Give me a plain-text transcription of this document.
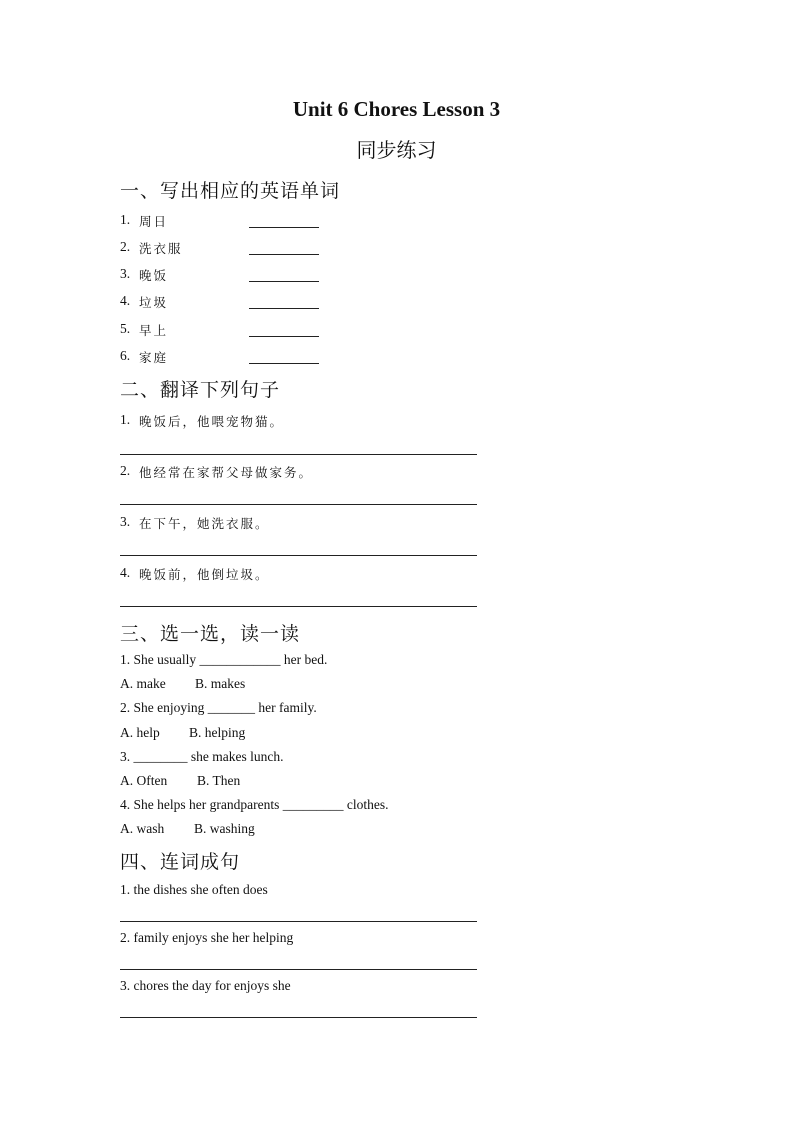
Unit 6 Chores Lesson 3
同步练习
一、写出相应的英语单词
1. 周日
2. 洗衣服
3. 晚饭
4. 垃圾
5. 早上
6. 家庭
二、翻译下列句子
1. 晚饭后，他喂宠物猫。
2. 他经常在家帮父母做家务。
3. 在下午，她洗衣服。
4. 晚饭前，他倒垃圾。
三、选一选，读一读
1. She usually ____________ her bed.
A. make B. makes
2. She enjoying _______ her family.
A. help B. helping
3. ________ she makes lunch.
A. Often B. Then
4. She helps her grandparents _________ clothes.
A. wash B. washing
四、连词成句
1. the dishes she often does
2. family enjoys she her helping
3. chores the day for enjoys she
